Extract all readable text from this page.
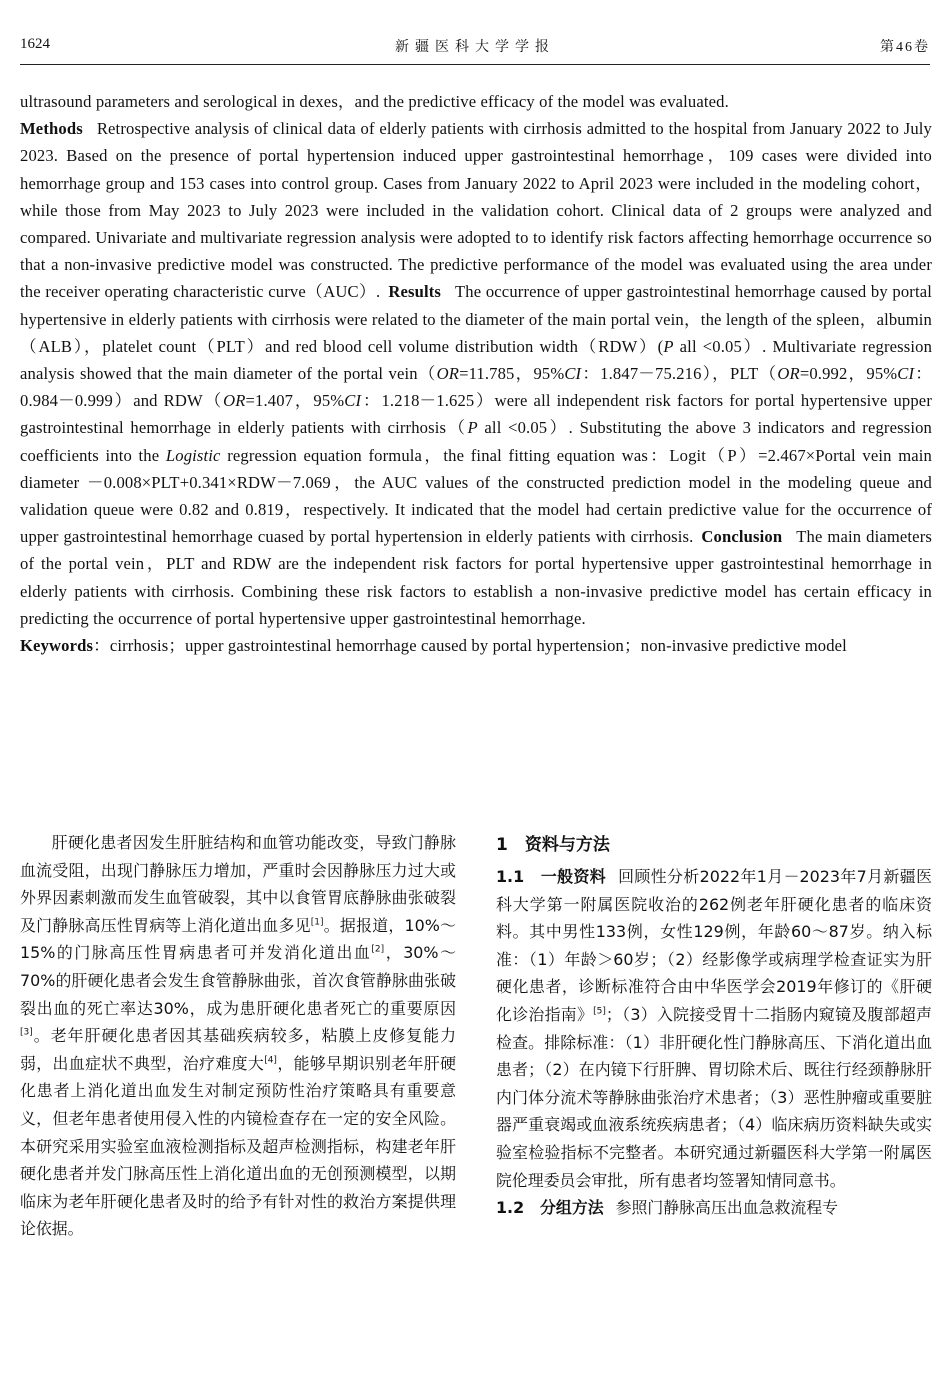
1624	新疆医科大学学报	第46卷

ultrasound parameters and serological in dexes，and the predictive efficacy of the model was evaluated.
Methods Retrospective analysis of clinical data of elderly patients with cirrhosis admitted to the hospital from January 2022 to July 2023. Based on the presence of portal hypertension induced upper gastrointestinal hemorrhage，109 cases were divided into hemorrhage group and 153 cases into control group. Cases from January 2022 to April 2023 were included in the modeling cohort，while those from May 2023 to July 2023 were included in the validation cohort. Clinical data of 2 groups were analyzed and compared. Univariate and multivariate regression analysis were adopted to to identify risk factors affecting hemorrhage occurrence so that a non-invasive predictive model was constructed. The predictive performance of the model was evaluated using the area under the receiver operating characteristic curve（AUC）. Results The occurrence of upper gastrointestinal hemorrhage caused by portal hypertensive in elderly patients with cirrhosis were related to the diameter of the main portal vein，the length of the spleen，albumin（ALB），platelet count（PLT）and red blood cell volume distribution width（RDW）(P all <0.05）. Multivariate regression analysis showed that the main diameter of the portal vein（OR=11.785，95%CI：1.847－75.216），PLT（OR=0.992，95%CI：0.984－0.999）and RDW（OR=1.407，95%CI：1.218－1.625）were all independent risk factors for portal hypertensive upper gastrointestinal hemorrhage in elderly patients with cirrhosis（P all <0.05）. Substituting the above 3 indicators and regression coefficients into the Logistic regression equation formula，the final fitting equation was：Logit（P）=2.467×Portal vein main diameter －0.008×PLT+0.341×RDW－7.069，the AUC values of the constructed prediction model in the modeling queue and validation queue were 0.82 and 0.819，respectively. It indicated that the model had certain predictive value for the occurrence of upper gastrointestinal hemorrhage cuased by portal hypertension in elderly patients with cirrhosis. Conclusion The main diameters of the portal vein，PLT and RDW are the independent risk factors for portal hypertensive upper gastrointestinal hemorrhage in elderly patients with cirrhosis. Combining these risk factors to establish a non-invasive predictive model has certain efficacy in predicting the occurrence of portal hypertensive upper gastrointestinal hemorrhage.

Keywords：cirrhosis；upper gastrointestinal hemorrhage caused by portal hypertension；non-invasive predictive model

肝硬化患者因发生肝脏结构和血管功能改变，导致门静脉血流受阻，出现门静脉压力增加，严重时会因静脉压力过大或外界因素刺激而发生血管破裂，其中以食管胃底静脉曲张破裂及门静脉高压性胃病等上消化道出血多见[1]。据报道，10%～15%的门脉高压性胃病患者可并发消化道出血[2]，30%～70%的肝硬化患者会发生食管静脉曲张，首次食管静脉曲张破裂出血的死亡率达30%，成为患肝硬化患者死亡的重要原因[3]。老年肝硬化患者因其基础疾病较多，粘膜上皮修复能力弱，出血症状不典型，治疗难度大[4]，能够早期识别老年肝硬化患者上消化道出血发生对制定预防性治疗策略具有重要意义，但老年患者使用侵入性的内镜检查存在一定的安全风险。本研究采用实验室血液检测指标及超声检测指标，构建老年肝硬化患者并发门脉高压性上消化道出血的无创预测模型，以期临床为老年肝硬化患者及时的给予有针对性的救治方案提供理论依据。

1　资料与方法

1.1　一般资料 回顾性分析2022年1月－2023年7月新疆医科大学第一附属医院收治的262例老年肝硬化患者的临床资料。其中男性133例，女性129例，年龄60～87岁。纳入标准：（1）年龄＞60岁；（2）经影像学或病理学检查证实为肝硬化患者，诊断标准符合由中华医学会2019年修订的《肝硬化诊治指南》[5]；（3）入院接受胃十二指肠内窥镜及腹部超声检查。排除标准：（1）非肝硬化性门静脉高压、下消化道出血患者；（2）在内镜下行肝脾、胃切除术后、既往行经颈静脉肝内门体分流术等静脉曲张治疗术患者；（3）恶性肿瘤或重要脏器严重衰竭或血液系统疾病患者；（4）临床病历资料缺失或实验室检验指标不完整者。本研究通过新疆医科大学第一附属医院伦理委员会审批，所有患者均签署知情同意书。

1.2　分组方法 参照门静脉高压出血急救流程专
